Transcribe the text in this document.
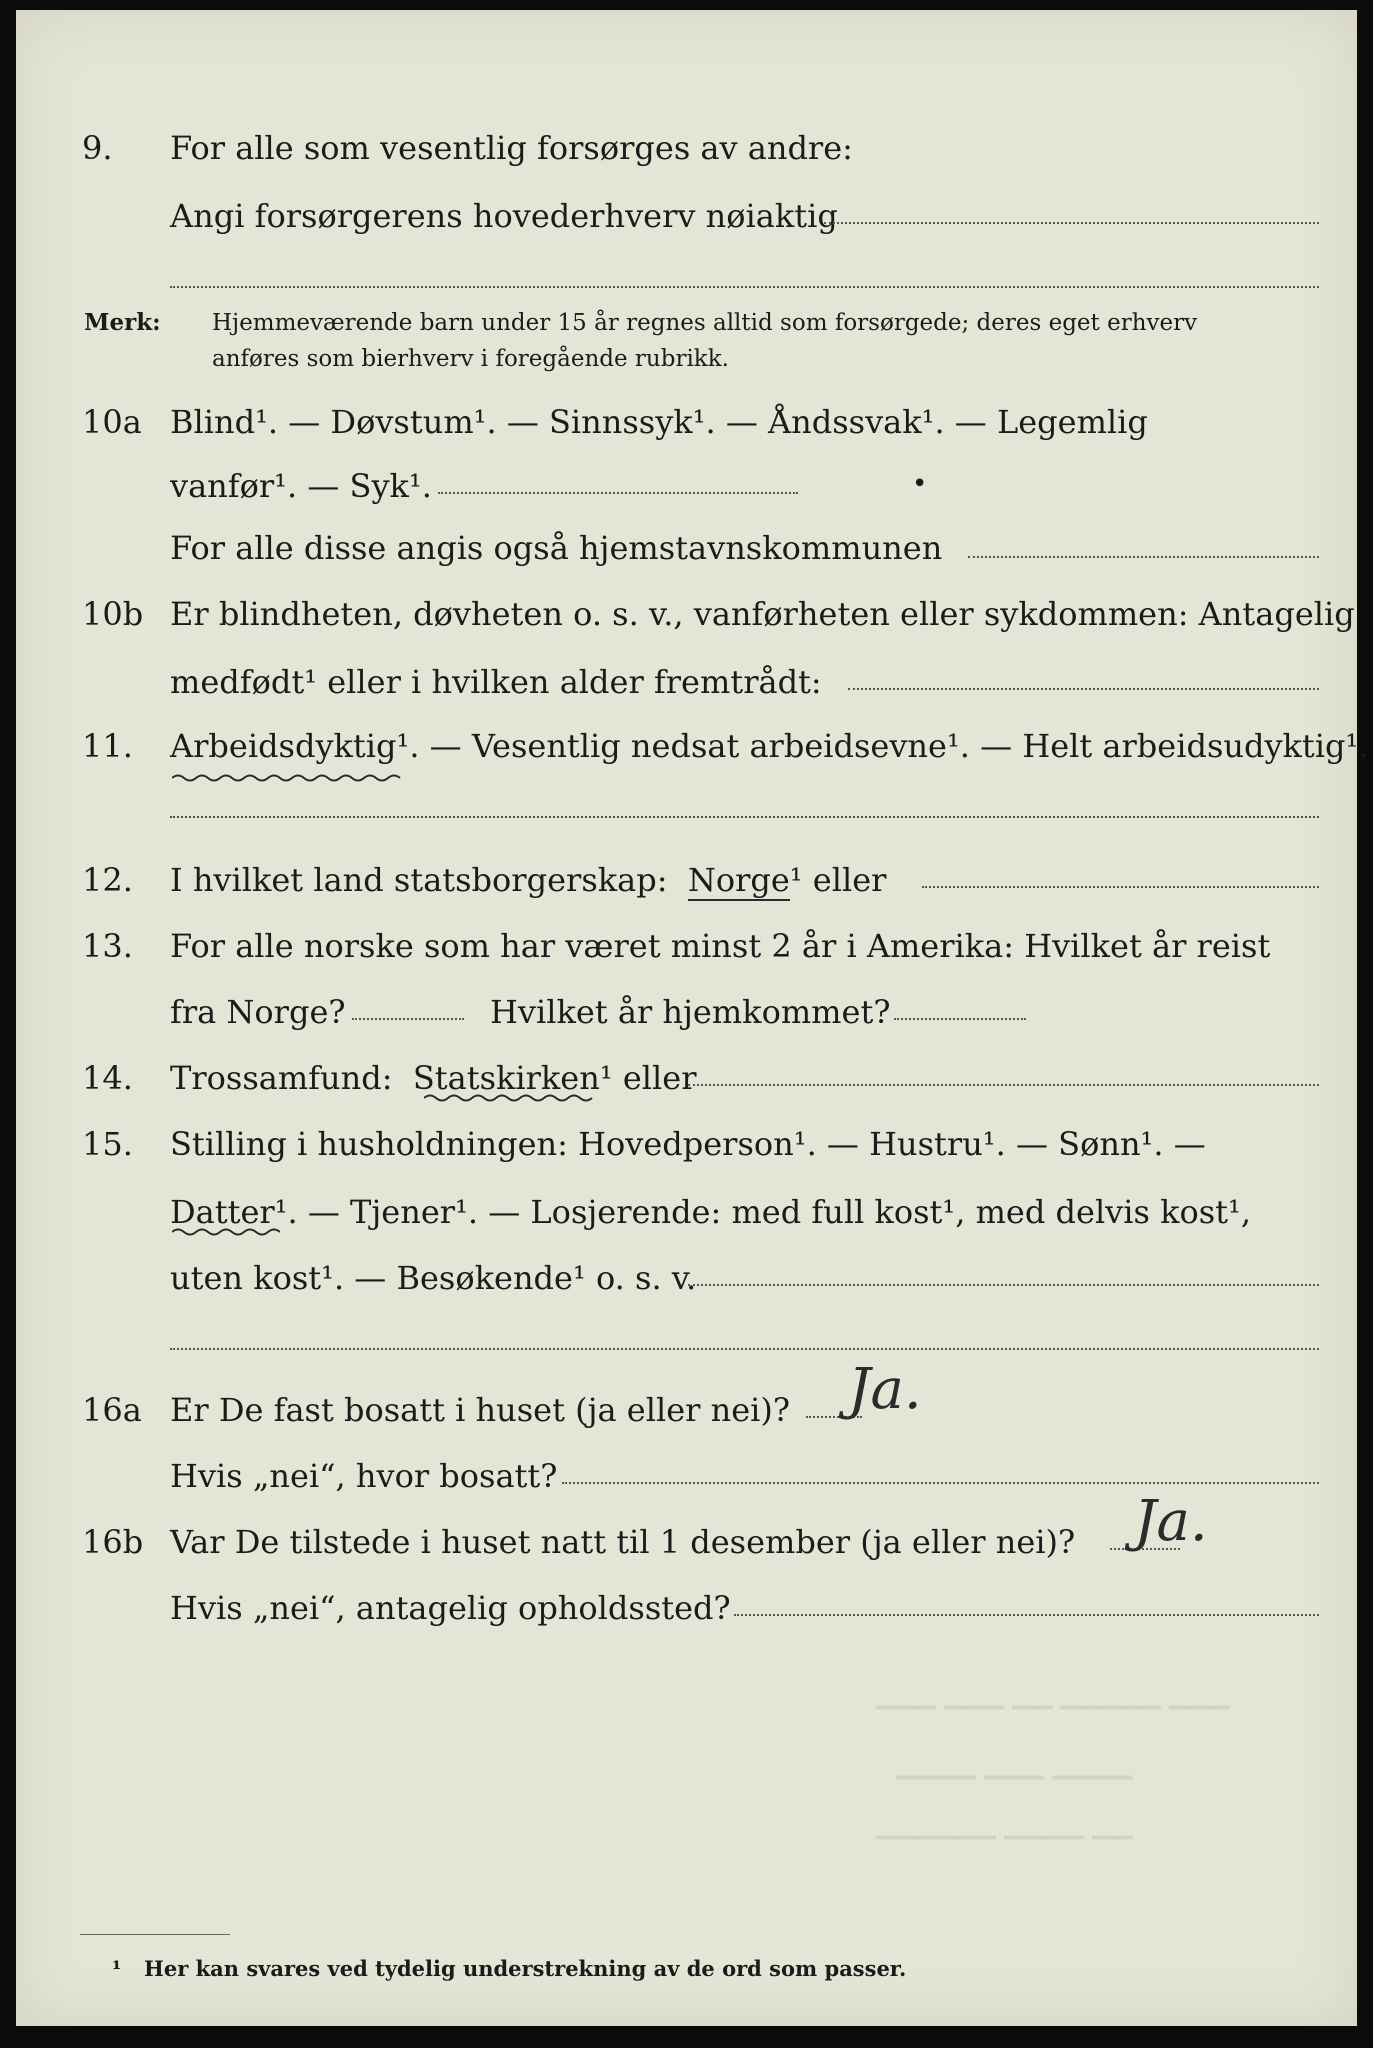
▁▁▁ ▁▁▁ ▁▁ ▁▁▁▁▁ ▁▁▁
▁▁▁▁ ▁▁▁ ▁▁▁▁
▁▁▁▁▁▁ ▁▁▁▁ ▁▁
9.	For alle som vesentlig forsørges av andre:
Angi forsørgerens hovederhverv nøiaktig
Merk: Hjemmeværende barn under 15 år regnes alltid som forsørgede; deres eget erhverv
anføres som bierhverv i foregående rubrikk.
10a Blind¹. — Døvstum¹. — Sinnssyk¹. — Åndssvak¹. — Legemlig
vanfør¹. — Syk¹.	•
For alle disse angis også hjemstavnskommunen
10b Er blindheten, døvheten o. s. v., vanførheten eller sykdommen: Antagelig
medfødt¹ eller i hvilken alder fremtrådt:
11.	Arbeidsdyktig¹. — Vesentlig nedsat arbeidsevne¹. — Helt arbeidsudyktig¹.
12.	I hvilket land statsborgerskap: Norge¹ eller
13.	For alle norske som har været minst 2 år i Amerika: Hvilket år reist
fra Norge?	Hvilket år hjemkommet?
14.	Trossamfund: Statskirken¹ eller
15.	Stilling i husholdningen: Hovedperson¹. — Hustru¹. — Sønn¹. —
Datter¹. — Tjener¹. — Losjerende: med full kost¹, med delvis kost¹,
uten kost¹. — Besøkende¹ o. s. v.
16a Er De fast bosatt i huset (ja eller nei)? Ja.
Hvis „nei“, hvor bosatt?
16b Var De tilstede i huset natt til 1 desember (ja eller nei)? Ja.
Hvis „nei“, antagelig opholdssted?
¹ Her kan svares ved tydelig understrekning av de ord som passer.
